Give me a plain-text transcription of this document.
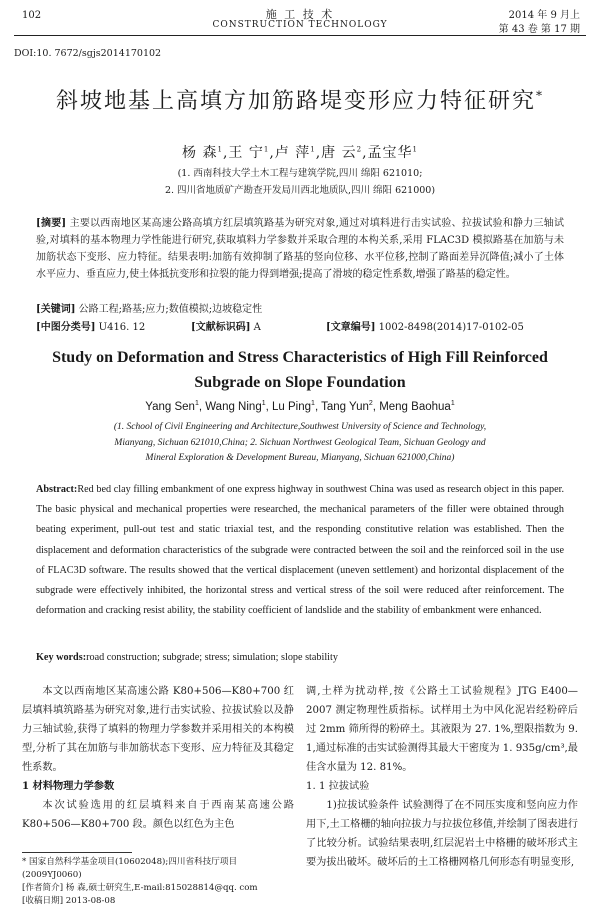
102	施 工 技 术
CONSTRUCTION TECHNOLOGY
2014 年 9 月上
第 43 卷 第 17 期
DOI:10. 7672/sgjs2014170102
斜坡地基上高填方加筋路堤变形应力特征研究*
杨 森$^1$,王 宁$^1$,卢 萍$^1$,唐 云$^2$,孟宝华$^1$
(1. 西南科技大学土木工程与建筑学院,四川 绵阳 621010;
2. 四川省地质矿产勘查开发局川西北地质队,四川 绵阳 621000)
[摘要] 主要以西南地区某高速公路高填方红层填筑路基为研究对象,通过对填料进行击实试验、拉拔试验和静力三轴试验,对填料的基本物理力学性能进行研究,获取填料力学参数并采取合理的本构关系,采用 FLAC3D 模拟路基在加筋与未加筋状态下变形、应力特征。结果表明:加筋有效抑制了路基的竖向位移、水平位移,控制了路面差异沉降值;减小了土体水平应力、垂直应力,使土体抵抗变形和拉裂的能力得到增强;提高了滑坡的稳定性系数,增强了路基的稳定性。
[关键词] 公路工程;路基;应力;数值模拟;边坡稳定性
[中图分类号] U416. 12	[文献标识码] A	[文章编号] 1002-8498(2014)17-0102-05
Study on Deformation and Stress Characteristics of High Fill Reinforced
Subgrade on Slope Foundation
Yang Sen$^1$, Wang Ning$^1$, Lu Ping$^1$, Tang Yun$^2$, Meng Baohua$^1$
(1. School of Civil Engineering and Architecture,Southwest University of Science and Technology,
Mianyang, Sichuan 621010,China; 2. Sichuan Northwest Geological Team, Sichuan Geology and
Mineral Exploration & Development Bureau, Mianyang, Sichuan 621000,China)
Abstract:Red bed clay filling embankment of one express highway in southwest China was used as research object in this paper. The basic physical and mechanical properties were researched, the mechanical parameters of the filler were obtained through beating experiment, pull-out test and static triaxial test, and the responding constitutive relation was established. Then the displacement and deformation characteristics of the subgrade were contracted between the soil and the reinforced soil in the use of FLAC3D software. The results showed that the vertical displacement (uneven settlement) and horizontal displacement of the subgrade were effectively inhibited, the horizontal stress and vertical stress of the soil were reduced after reinforcement. The deformation and cracking resist ability, the stability coefficient of landslide and the stability of embankment were enhanced.
Key words:road construction; subgrade; stress; simulation; slope stability

本文以西南地区某高速公路 K80+506—K80+700 红层填料填筑路基为研究对象,进行击实试验、拉拔试验以及静力三轴试验,获得了填料的物理力学参数并采用相关的本构模型,分析了其在加筋与非加筋状态下变形、应力特征及其稳定性系数。

1 材料物理力学参数

本次试验选用的红层填料来自于西南某高速公路 K80+506—K80+700 段。颜色以红色为主色

调,土样为扰动样,按《公路土工试验规程》JTG E400—2007 测定物理性质指标。试样用土为中风化泥岩经粉碎后过 2mm 筛所得的粉碎土。其液限为 27. 1%,塑限指数为 9. 1,通过标准的击实试验测得其最大干密度为 1. 935g/cm³,最佳含水量为 12. 81%。

1. 1 拉拔试验

1)拉拔试验条件 试验测得了在不同压实度和竖向应力作用下,土工格栅的轴向拉拔力与拉拔位移值,并绘制了图表进行了比较分析。试验结果表明,红层泥岩土中格栅的破坏形式主要为拔出破坏。破坏后的土工格栅网格几何形态有明显变形,

* 国家自然科学基金项目(10602048);四川省科技厅项目(2009YJ0060)
[作者简介] 杨 森,硕士研究生,E-mail:815028814@qq. com
[收稿日期] 2013-08-08
